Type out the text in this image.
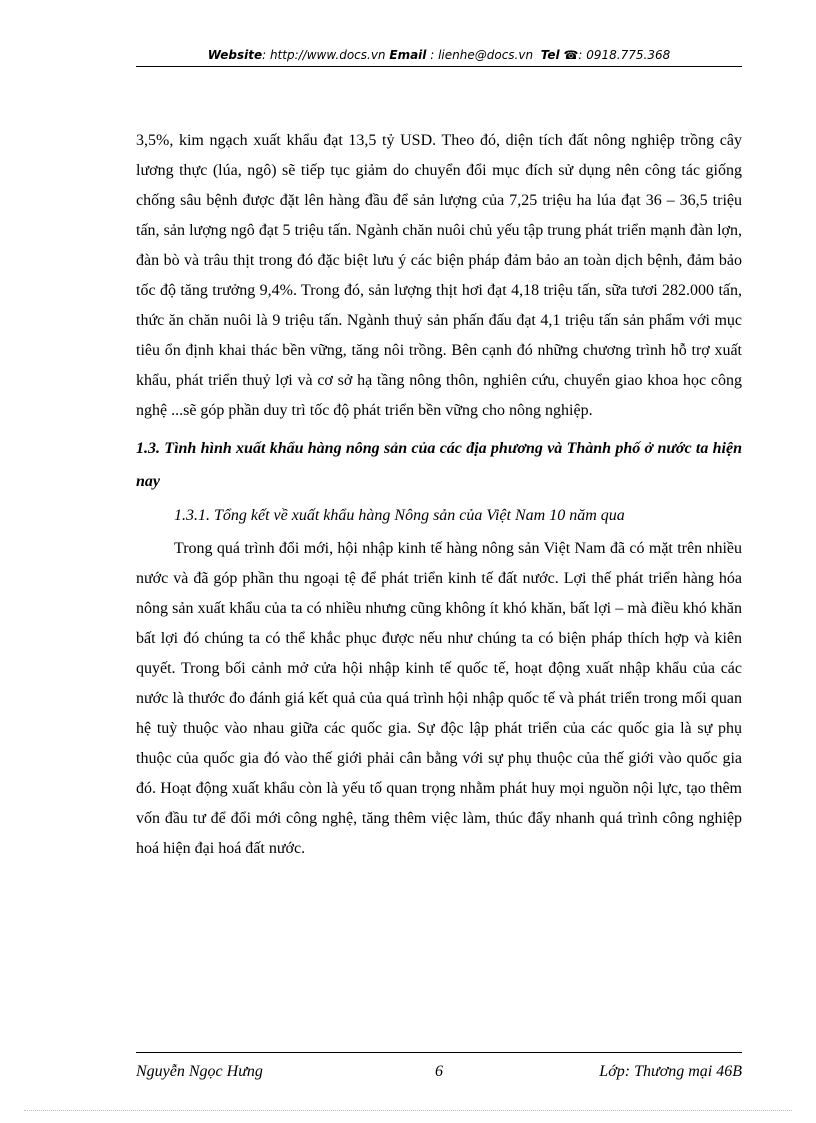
Website: http://www.docs.vn Email : lienhe@docs.vn Tel ☎: 0918.775.368

3,5%, kim ngạch xuất khẩu đạt 13,5 tỷ USD. Theo đó, diện tích đất nông nghiệp trồng cây lương thực (lúa, ngô) sẽ tiếp tục giảm do chuyển đổi mục đích sử dụng nên công tác giống chống sâu bệnh được đặt lên hàng đầu để sản lượng của 7,25 triệu ha lúa đạt 36 – 36,5 triệu tấn, sản lượng ngô đạt 5 triệu tấn. Ngành chăn nuôi chủ yếu tập trung phát triển mạnh đàn lợn, đàn bò và trâu thịt trong đó đặc biệt lưu ý các biện pháp đảm bảo an toàn dịch bệnh, đảm bảo tốc độ tăng trưởng 9,4%. Trong đó, sản lượng thịt hơi đạt 4,18 triệu tấn, sữa tươi 282.000 tấn, thức ăn chăn nuôi là 9 triệu tấn. Ngành thuỷ sản phấn đấu đạt 4,1 triệu tấn sản phẩm với mục tiêu ổn định khai thác bền vững, tăng nôi trồng. Bên cạnh đó những chương trình hỗ trợ xuất khẩu, phát triển thuỷ lợi và cơ sở hạ tầng nông thôn, nghiên cứu, chuyển giao khoa học công nghệ ...sẽ góp phần duy trì tốc độ phát triển bền vững cho nông nghiệp.

1.3. Tình hình xuất khẩu hàng nông sản của các địa phương và Thành phố ở nước ta hiện nay

1.3.1. Tổng kết về xuất khẩu hàng Nông sản của Việt Nam 10 năm qua

Trong quá trình đổi mới, hội nhập kinh tế hàng nông sản Việt Nam đã có mặt trên nhiều nước và đã góp phần thu ngoại tệ để phát triển kinh tế đất nước. Lợi thế phát triển hàng hóa nông sản xuất khẩu của ta có nhiều nhưng cũng không ít khó khăn, bất lợi – mà điều khó khăn bất lợi đó chúng ta có thể khắc phục được nếu như chúng ta có biện pháp thích hợp và kiên quyết. Trong bối cảnh mở cửa hội nhập kinh tế quốc tế, hoạt động xuất nhập khẩu của các nước là thước đo đánh giá kết quả của quá trình hội nhập quốc tế và phát triển trong mối quan hệ tuỳ thuộc vào nhau giữa các quốc gia. Sự độc lập phát triển của các quốc gia là sự phụ thuộc của quốc gia đó vào thế giới phải cân bằng với sự phụ thuộc của thế giới vào quốc gia đó. Hoạt động xuất khẩu còn là yếu tố quan trọng nhằm phát huy mọi nguồn nội lực, tạo thêm vốn đầu tư để đổi mới công nghệ, tăng thêm việc làm, thúc đẩy nhanh quá trình công nghiệp hoá hiện đại hoá đất nước.

Nguyễn Ngọc Hưng	6	Lớp: Thương mại 46B
